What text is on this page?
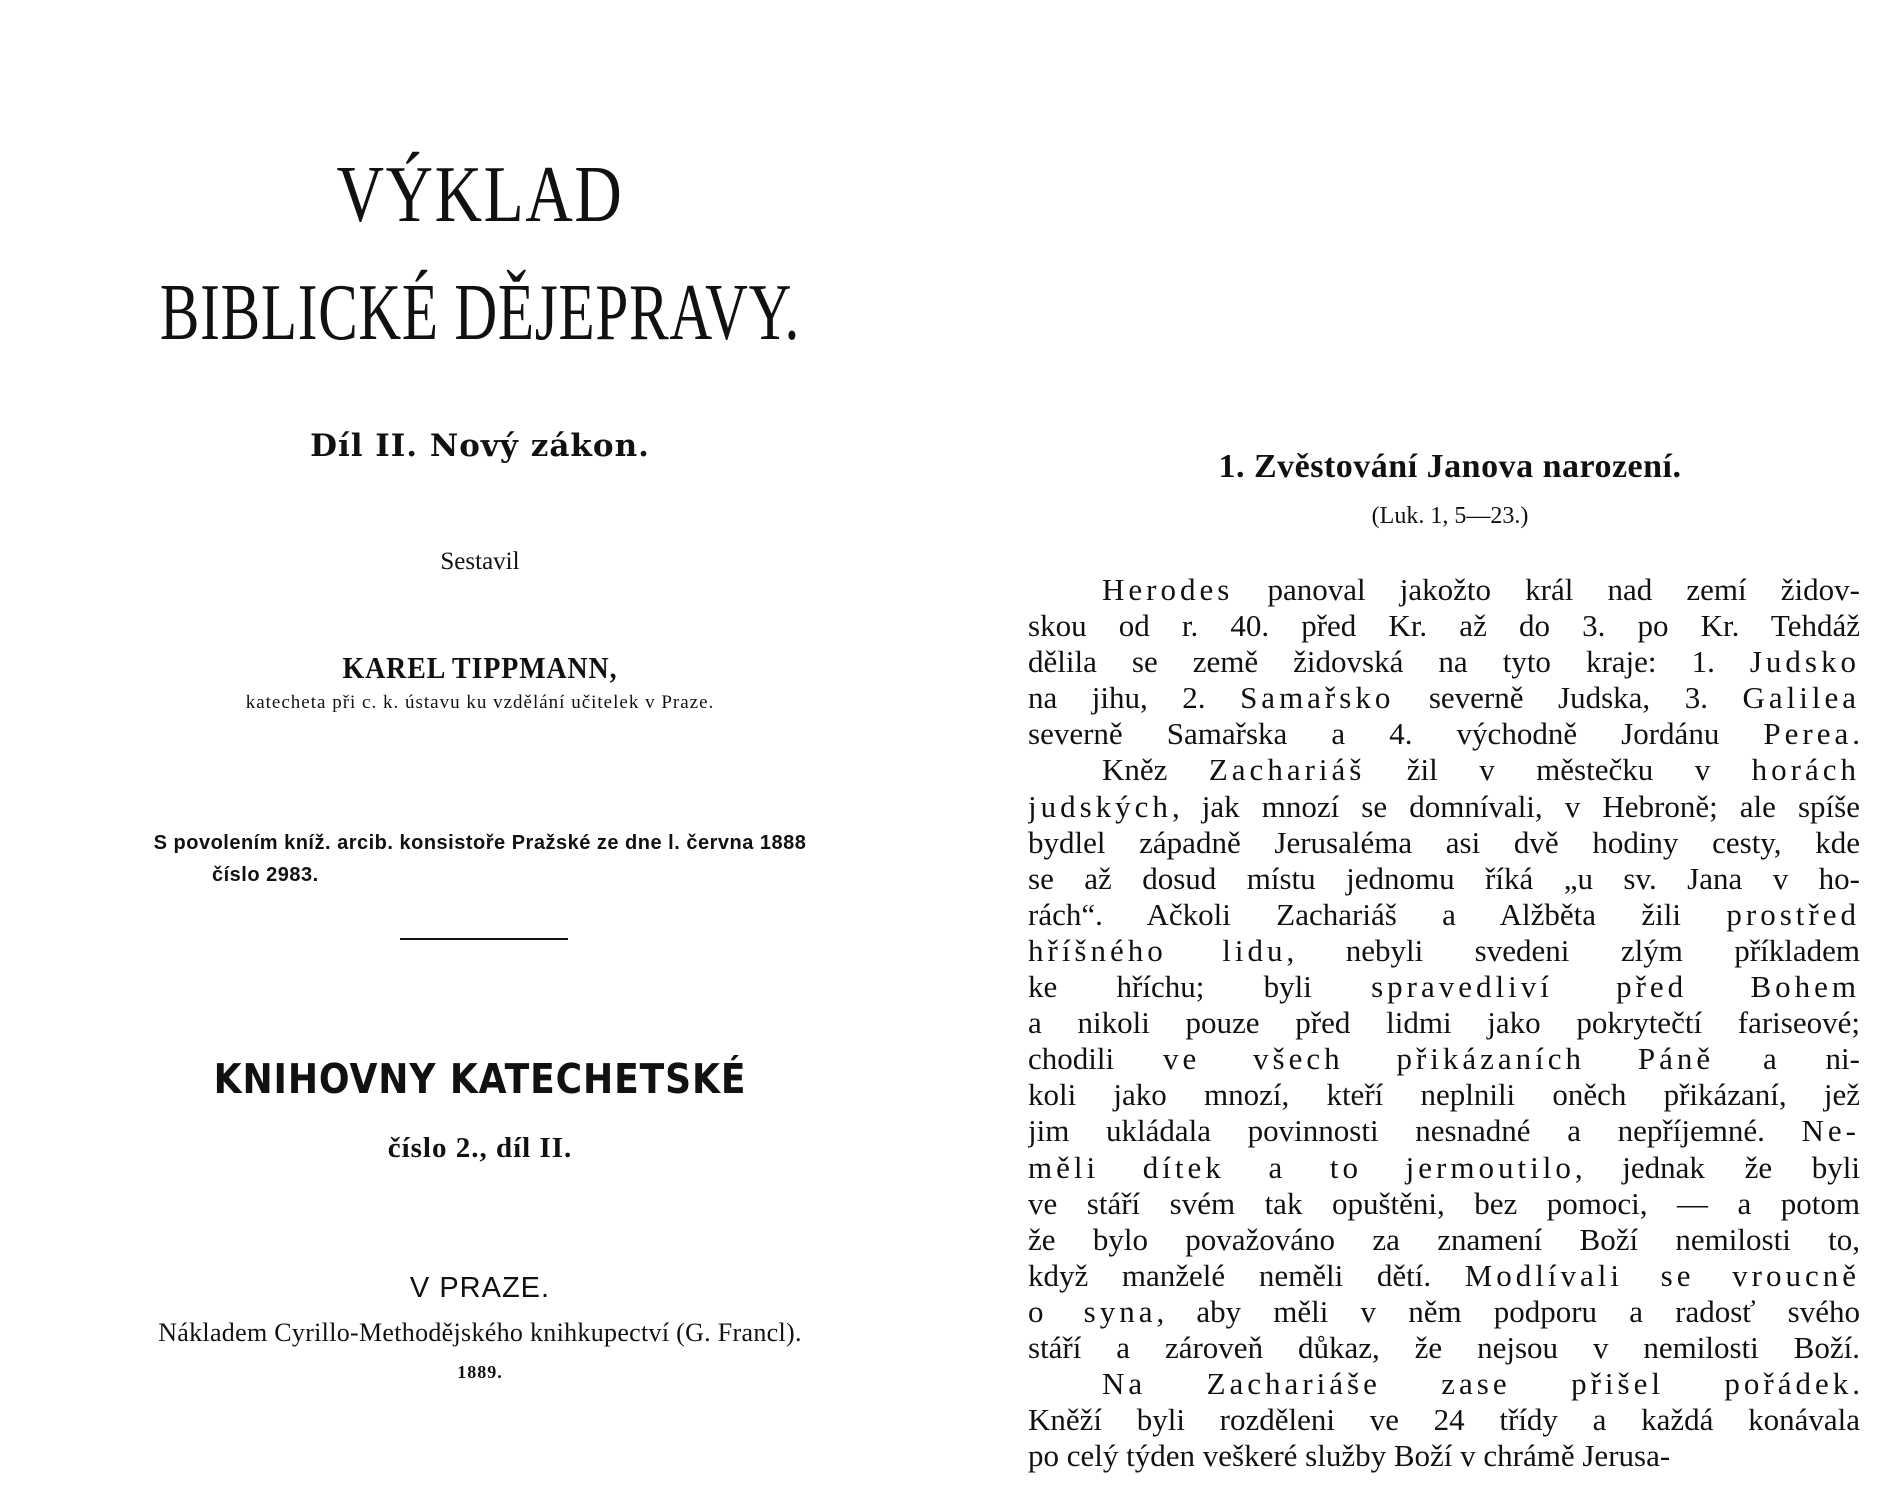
VÝKLAD
BIBLICKÉ DĚJEPRAVY.
Díl II. Nový zákon.
Sestavil
KAREL TIPPMANN,
katecheta při c. k. ústavu ku vzdělání učitelek v Praze.
S povolením kníž. arcib. konsistoře Pražské ze dne l. června 1888
číslo 2983.
KNIHOVNY KATECHETSKÉ
číslo 2., díl II.
V PRAZE.
Nákladem Cyrillo-Methodějského knihkupectví (G. Francl).
1889.
1. Zvěstování Janova narození.
(Luk. 1, 5—23.)
Herodes panoval jakožto král nad zemí židov-
skou od r. 40. před Kr. až do 3. po Kr. Tehdáž
dělila se země židovská na tyto kraje: 1. Judsko
na jihu, 2. Samařsko severně Judska, 3. Galilea
severně Samařska a 4. východně Jordánu Perea.
Kněz Zachariáš žil v městečku v horách
judských, jak mnozí se domnívali, v Hebroně; ale spíše
bydlel západně Jerusaléma asi dvě hodiny cesty, kde
se až dosud místu jednomu říká „u sv. Jana v ho-
rách“. Ačkoli Zachariáš a Alžběta žili prostřed
hříšného lidu, nebyli svedeni zlým příkladem
ke hříchu; byli spravedliví před Bohem
a nikoli pouze před lidmi jako pokrytečtí fariseové;
chodili ve všech přikázaních Páně a ni-
koli jako mnozí, kteří neplnili oněch přikázaní, jež
jim ukládala povinnosti nesnadné a nepříjemné. Ne-
měli dítek a to jermoutilo, jednak že byli
ve stáří svém tak opuštěni, bez pomoci, — a potom
že bylo považováno za znamení Boží nemilosti to,
když manželé neměli dětí. Modlívali se vroucně
o syna, aby měli v něm podporu a radosť svého
stáří a zároveň důkaz, že nejsou v nemilosti Boží.
Na Zachariáše zase přišel pořádek.
Kněží byli rozděleni ve 24 třídy a každá konávala
po celý týden veškeré služby Boží v chrámě Jerusa-
